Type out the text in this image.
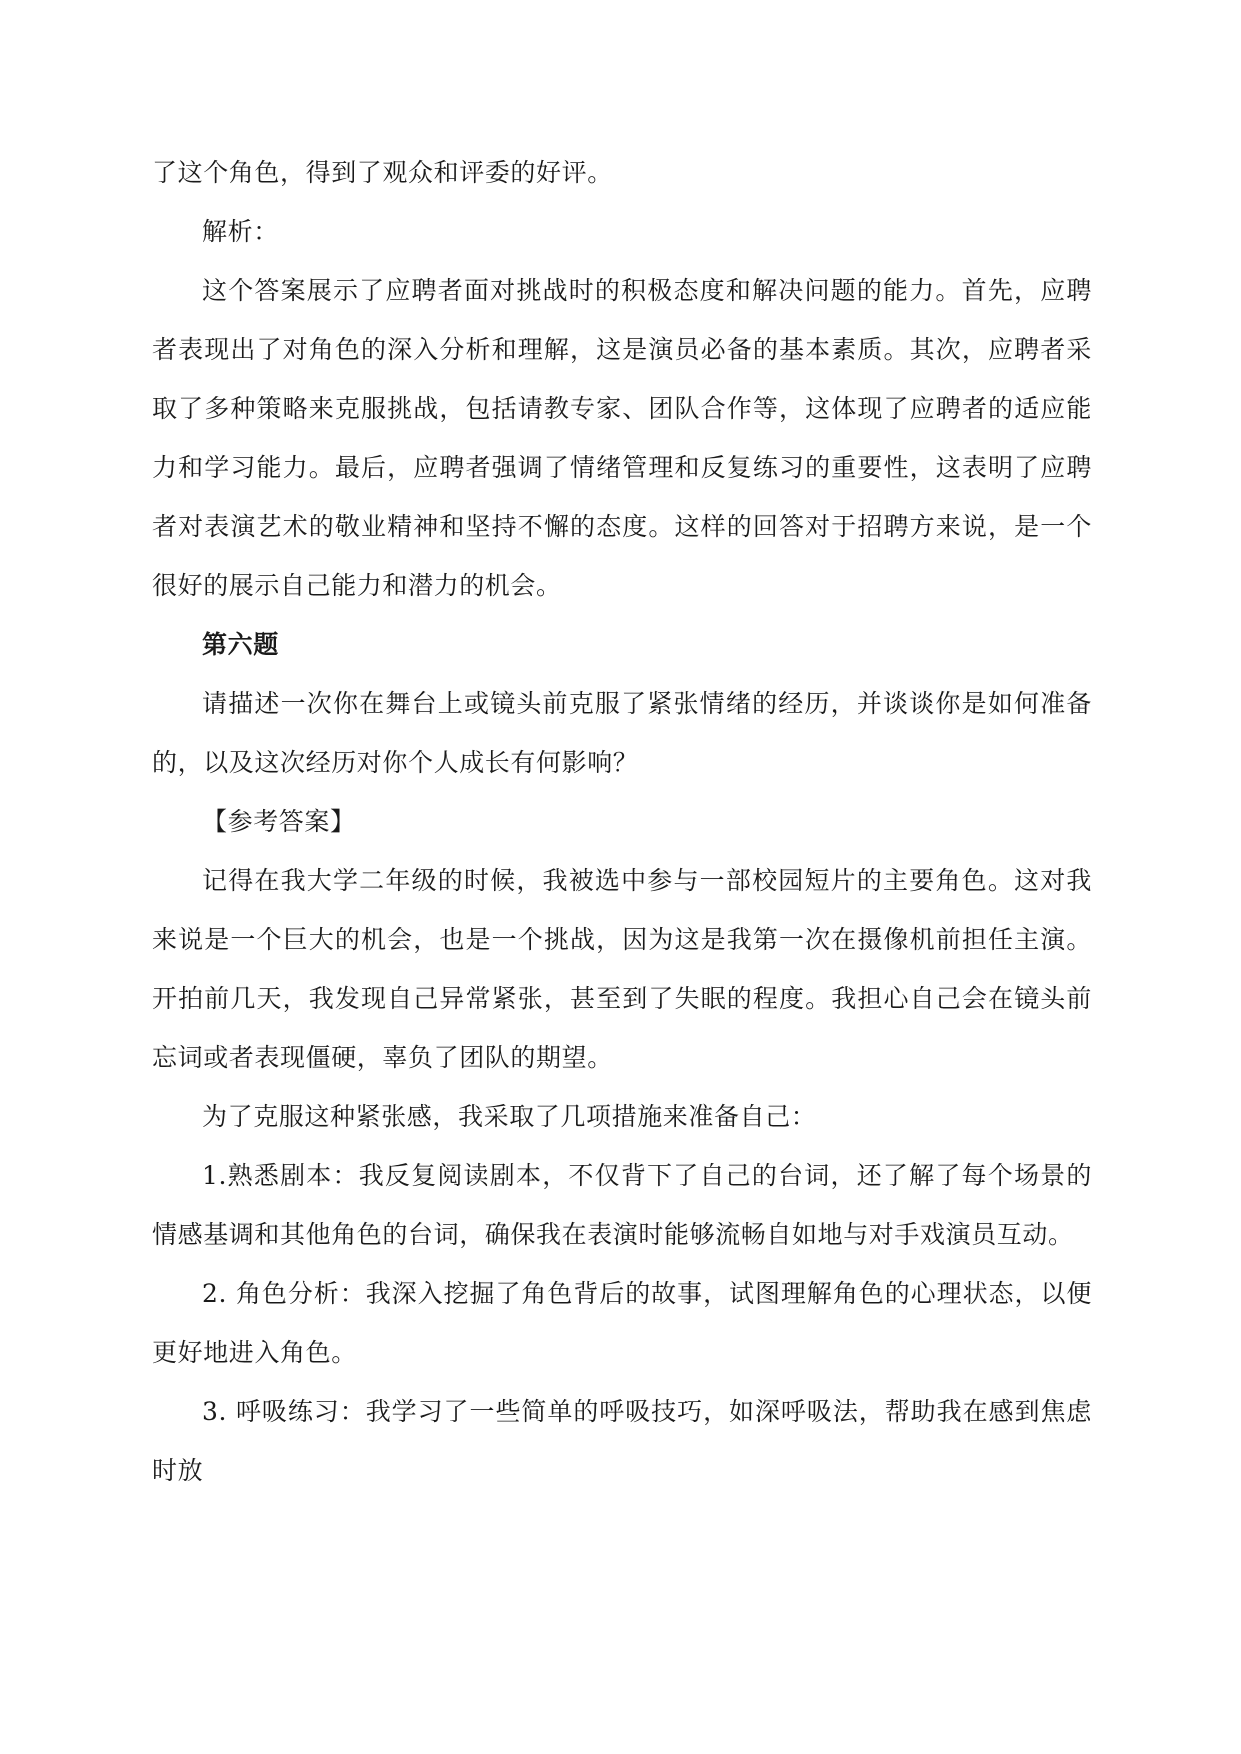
了这个角色，得到了观众和评委的好评。

解析：

这个答案展示了应聘者面对挑战时的积极态度和解决问题的能力。首先，应聘者表现出了对角色的深入分析和理解，这是演员必备的基本素质。其次，应聘者采取了多种策略来克服挑战，包括请教专家、团队合作等，这体现了应聘者的适应能力和学习能力。最后，应聘者强调了情绪管理和反复练习的重要性，这表明了应聘者对表演艺术的敬业精神和坚持不懈的态度。这样的回答对于招聘方来说，是一个很好的展示自己能力和潜力的机会。

第六题

请描述一次你在舞台上或镜头前克服了紧张情绪的经历，并谈谈你是如何准备的，以及这次经历对你个人成长有何影响？

【参考答案】

记得在我大学二年级的时候，我被选中参与一部校园短片的主要角色。这对我来说是一个巨大的机会，也是一个挑战，因为这是我第一次在摄像机前担任主演。开拍前几天，我发现自己异常紧张，甚至到了失眠的程度。我担心自己会在镜头前忘词或者表现僵硬，辜负了团队的期望。

为了克服这种紧张感，我采取了几项措施来准备自己：

1.熟悉剧本：我反复阅读剧本，不仅背下了自己的台词，还了解了每个场景的情感基调和其他角色的台词，确保我在表演时能够流畅自如地与对手戏演员互动。

2. 角色分析：我深入挖掘了角色背后的故事，试图理解角色的心理状态，以便更好地进入角色。

3. 呼吸练习：我学习了一些简单的呼吸技巧，如深呼吸法，帮助我在感到焦虑时放
